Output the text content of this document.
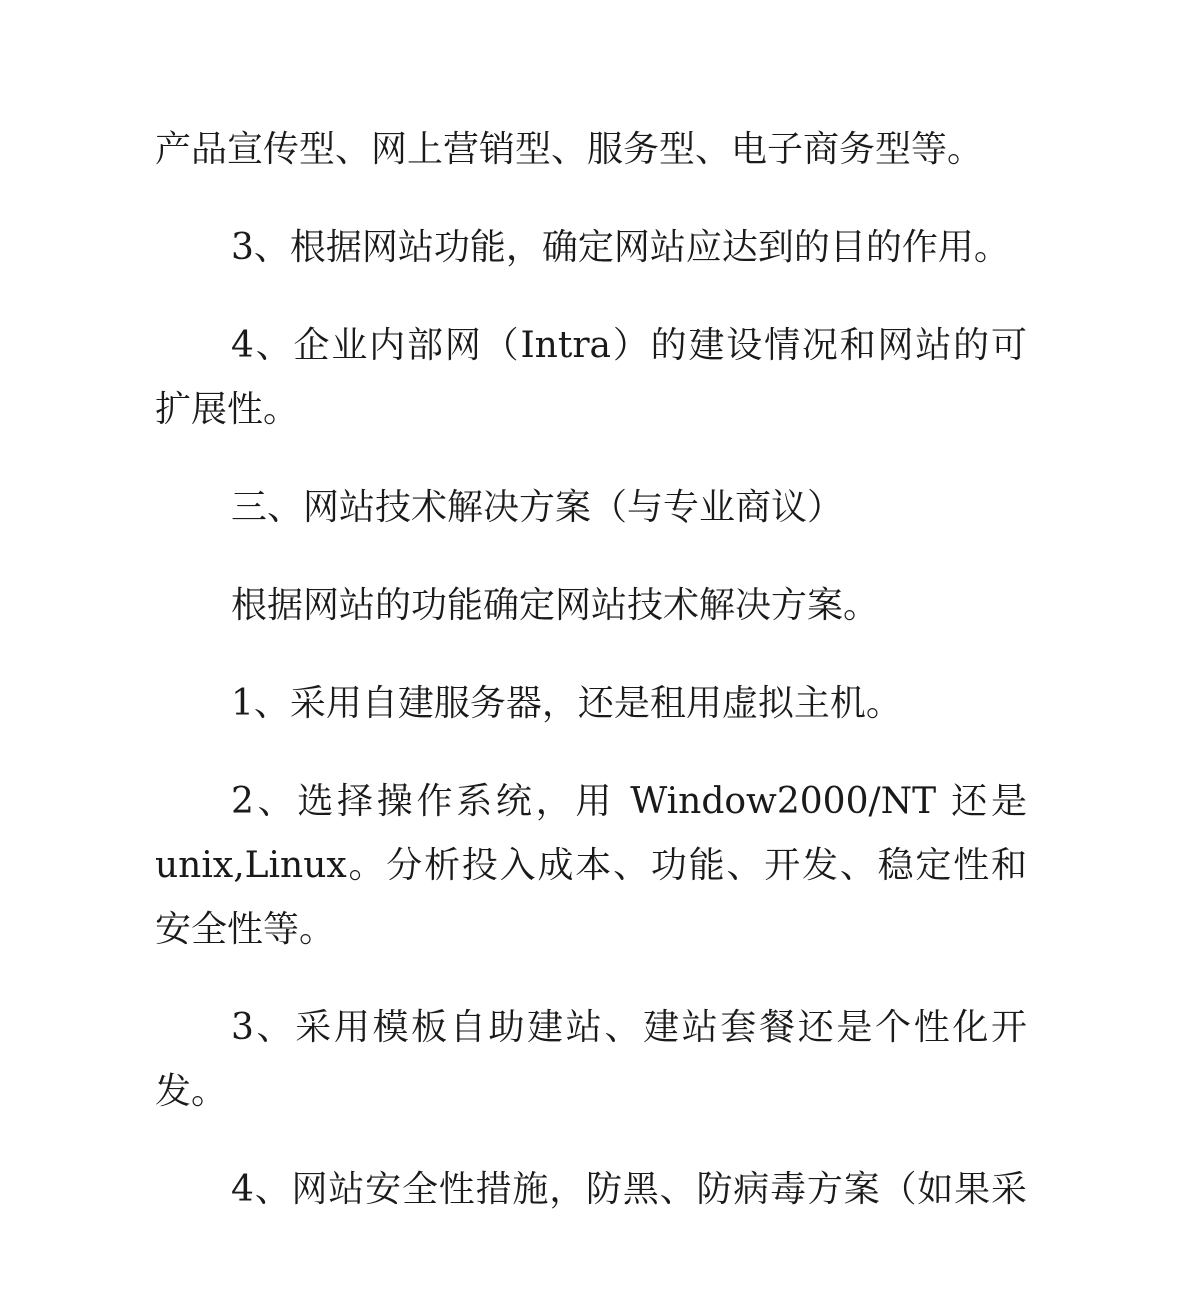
产品宣传型、网上营销型、服务型、电子商务型等。

3、根据网站功能，确定网站应达到的目的作用。

4、企业内部网（Intra）的建设情况和网站的可扩展性。

三、网站技术解决方案（与专业商议）

根据网站的功能确定网站技术解决方案。

1、采用自建服务器，还是租用虚拟主机。

2、选择操作系统，用 Window2000/NT 还是 unix,Linux。分析投入成本、功能、开发、稳定性和安全性等。

3、采用模板自助建站、建站套餐还是个性化开发。

4、网站安全性措施，防黑、防病毒方案（如果采
